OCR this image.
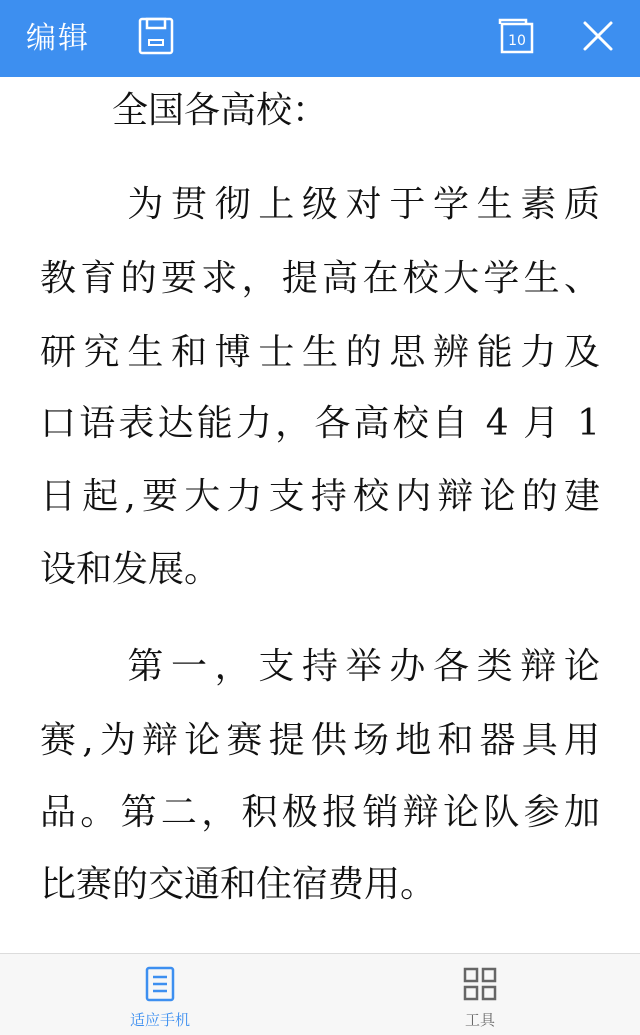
编辑	10
　　全国各高校：
　　为贯彻上级对于学生素质
教育的要求，提高在校大学生、
研究生和博士生的思辨能力及
口语表达能力，各高校自 4 月 1
日起,要大力支持校内辩论的建
设和发展。
　　第一，支持举办各类辩论
赛,为辩论赛提供场地和器具用
品。第二，积极报销辩论队参加
比赛的交通和住宿费用。
适应手机	工具
